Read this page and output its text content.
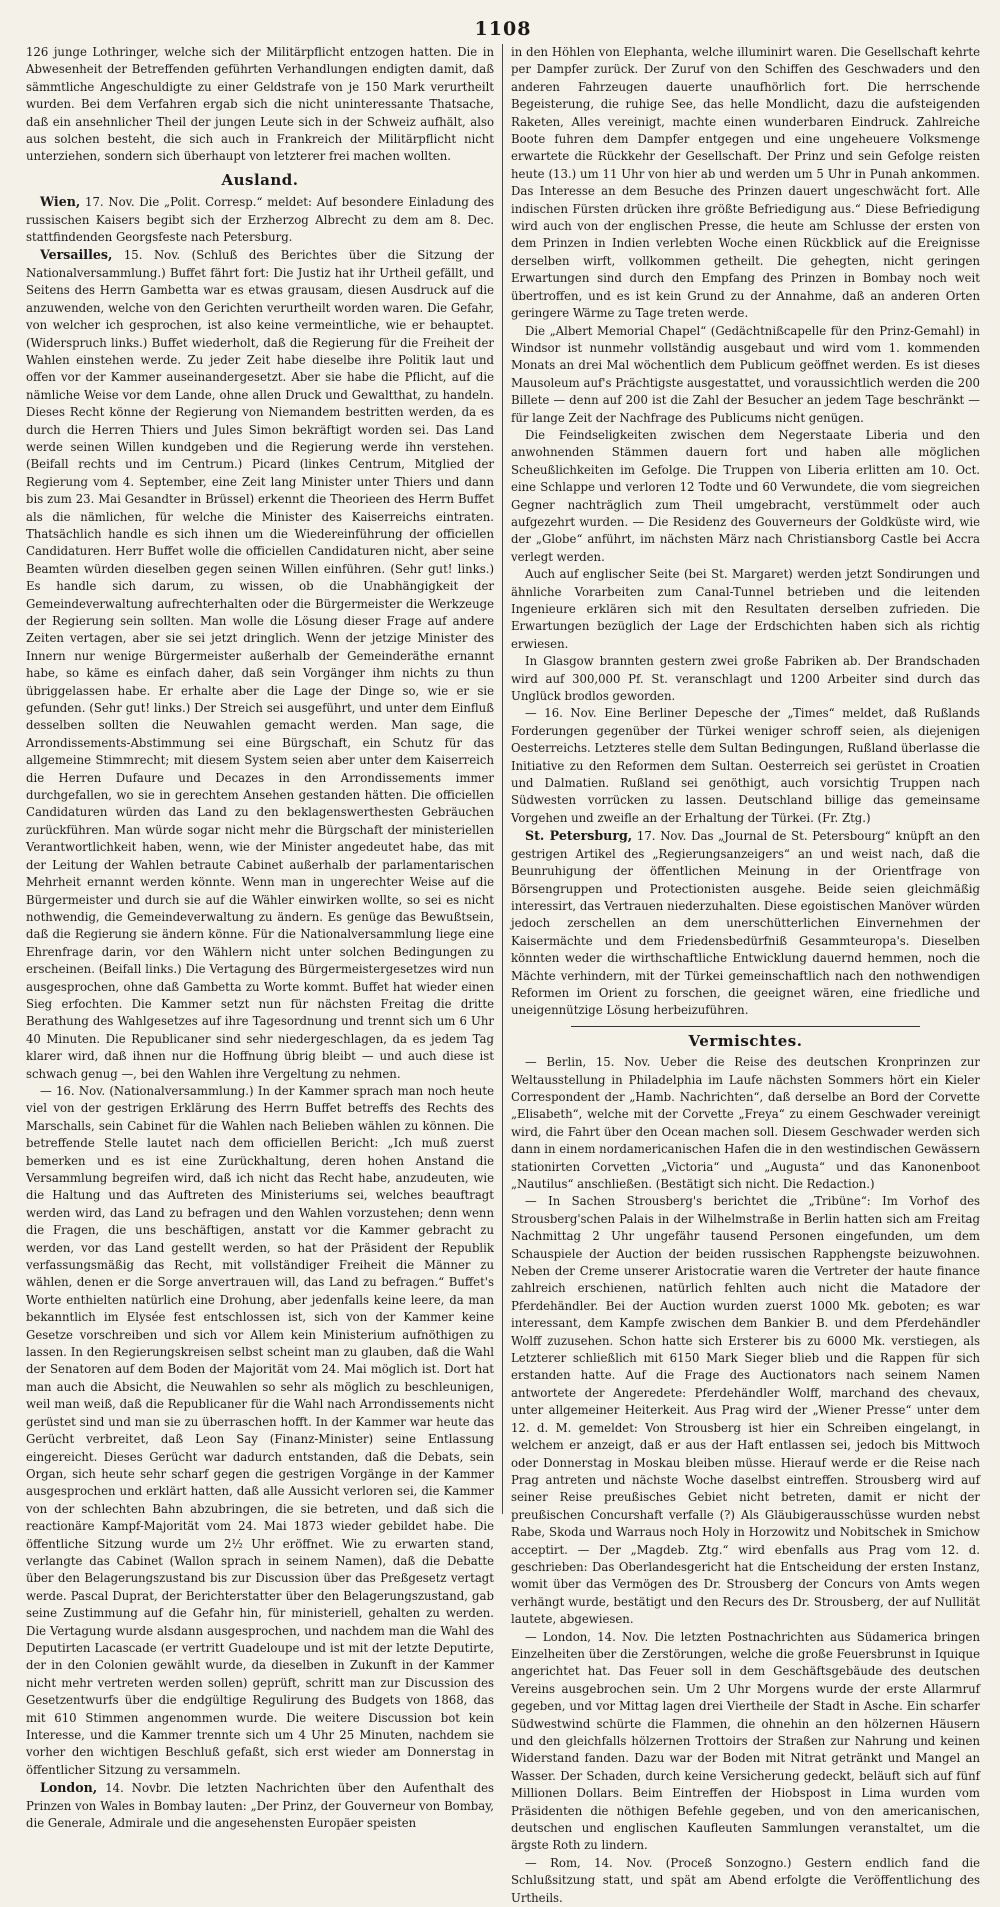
1108

126 junge Lothringer, welche sich der Militärpflicht entzogen hatten. Die in Abwesenheit der Betreffenden geführten Verhandlungen endigten damit, daß sämmtliche Angeschuldigte zu einer Geldstrafe von je 150 Mark verurtheilt wurden. Bei dem Verfahren ergab sich die nicht uninteressante Thatsache, daß ein ansehnlicher Theil der jungen Leute sich in der Schweiz aufhält, also aus solchen besteht, die sich auch in Frankreich der Militärpflicht nicht unterziehen, sondern sich überhaupt von letzterer frei machen wollten.

Ausland.

Wien, 17. Nov. Die „Polit. Corresp.“ meldet: Auf besondere Einladung des russischen Kaisers begibt sich der Erzherzog Albrecht zu dem am 8. Dec. stattfindenden Georgsfeste nach Petersburg.

Versailles, 15. Nov. (Schluß des Berichtes über die Sitzung der Nationalversammlung.) Buffet fährt fort: Die Justiz hat ihr Urtheil gefällt, und Seitens des Herrn Gambetta war es etwas grausam, diesen Ausdruck auf die anzuwenden, welche von den Gerichten verurtheilt worden waren. Die Gefahr, von welcher ich gesprochen, ist also keine vermeintliche, wie er behauptet. (Widerspruch links.) Buffet wiederholt, daß die Regierung für die Freiheit der Wahlen einstehen werde. Zu jeder Zeit habe dieselbe ihre Politik laut und offen vor der Kammer auseinandergesetzt. Aber sie habe die Pflicht, auf die nämliche Weise vor dem Lande, ohne allen Druck und Gewaltthat, zu handeln. Dieses Recht könne der Regierung von Niemandem bestritten werden, da es durch die Herren Thiers und Jules Simon bekräftigt worden sei. Das Land werde seinen Willen kundgeben und die Regierung werde ihn verstehen. (Beifall rechts und im Centrum.) Picard (linkes Centrum, Mitglied der Regierung vom 4. September, eine Zeit lang Minister unter Thiers und dann bis zum 23. Mai Gesandter in Brüssel) erkennt die Theorieen des Herrn Buffet als die nämlichen, für welche die Minister des Kaiserreichs eintraten. Thatsächlich handle es sich ihnen um die Wiedereinführung der officiellen Candidaturen. Herr Buffet wolle die officiellen Candidaturen nicht, aber seine Beamten würden dieselben gegen seinen Willen einführen. (Sehr gut! links.) Es handle sich darum, zu wissen, ob die Unabhängigkeit der Gemeindeverwaltung aufrechterhalten oder die Bürgermeister die Werkzeuge der Regierung sein sollten. Man wolle die Lösung dieser Frage auf andere Zeiten vertagen, aber sie sei jetzt dringlich. Wenn der jetzige Minister des Innern nur wenige Bürgermeister außerhalb der Gemeinderäthe ernannt habe, so käme es einfach daher, daß sein Vorgänger ihm nichts zu thun übriggelassen habe. Er erhalte aber die Lage der Dinge so, wie er sie gefunden. (Sehr gut! links.) Der Streich sei ausgeführt, und unter dem Einfluß desselben sollten die Neuwahlen gemacht werden. Man sage, die Arrondissements-Abstimmung sei eine Bürgschaft, ein Schutz für das allgemeine Stimmrecht; mit diesem System seien aber unter dem Kaiserreich die Herren Dufaure und Decazes in den Arrondissements immer durchgefallen, wo sie in gerechtem Ansehen gestanden hätten. Die officiellen Candidaturen würden das Land zu den beklagenswerthesten Gebräuchen zurückführen. Man würde sogar nicht mehr die Bürgschaft der ministeriellen Verantwortlichkeit haben, wenn, wie der Minister angedeutet habe, das mit der Leitung der Wahlen betraute Cabinet außerhalb der parlamentarischen Mehrheit ernannt werden könnte. Wenn man in ungerechter Weise auf die Bürgermeister und durch sie auf die Wähler einwirken wollte, so sei es nicht nothwendig, die Gemeindeverwaltung zu ändern. Es genüge das Bewußtsein, daß die Regierung sie ändern könne. Für die Nationalversammlung liege eine Ehrenfrage darin, vor den Wählern nicht unter solchen Bedingungen zu erscheinen. (Beifall links.) Die Vertagung des Bürgermeistergesetzes wird nun ausgesprochen, ohne daß Gambetta zu Worte kommt. Buffet hat wieder einen Sieg erfochten. Die Kammer setzt nun für nächsten Freitag die dritte Berathung des Wahlgesetzes auf ihre Tagesordnung und trennt sich um 6 Uhr 40 Minuten. Die Republicaner sind sehr niedergeschlagen, da es jedem Tag klarer wird, daß ihnen nur die Hoffnung übrig bleibt — und auch diese ist schwach genug —, bei den Wahlen ihre Vergeltung zu nehmen.

— 16. Nov. (Nationalversammlung.) In der Kammer sprach man noch heute viel von der gestrigen Erklärung des Herrn Buffet betreffs des Rechts des Marschalls, sein Cabinet für die Wahlen nach Belieben wählen zu können. Die betreffende Stelle lautet nach dem officiellen Bericht: „Ich muß zuerst bemerken und es ist eine Zurückhaltung, deren hohen Anstand die Versammlung begreifen wird, daß ich nicht das Recht habe, anzudeuten, wie die Haltung und das Auftreten des Ministeriums sei, welches beauftragt werden wird, das Land zu befragen und den Wahlen vorzustehen; denn wenn die Fragen, die uns beschäftigen, anstatt vor die Kammer gebracht zu werden, vor das Land gestellt werden, so hat der Präsident der Republik verfassungsmäßig das Recht, mit vollständiger Freiheit die Männer zu wählen, denen er die Sorge anvertrauen will, das Land zu befragen.“ Buffet's Worte enthielten natürlich eine Drohung, aber jedenfalls keine leere, da man bekanntlich im Elysée fest entschlossen ist, sich von der Kammer keine Gesetze vorschreiben und sich vor Allem kein Ministerium aufnöthigen zu lassen. In den Regierungskreisen selbst scheint man zu glauben, daß die Wahl der Senatoren auf dem Boden der Majorität vom 24. Mai möglich ist. Dort hat man auch die Absicht, die Neuwahlen so sehr als möglich zu beschleunigen, weil man weiß, daß die Republicaner für die Wahl nach Arrondissements nicht gerüstet sind und man sie zu überraschen hofft. In der Kammer war heute das Gerücht verbreitet, daß Leon Say (Finanz-Minister) seine Entlassung eingereicht. Dieses Gerücht war dadurch entstanden, daß die Debats, sein Organ, sich heute sehr scharf gegen die gestrigen Vorgänge in der Kammer ausgesprochen und erklärt hatten, daß alle Aussicht verloren sei, die Kammer von der schlechten Bahn abzubringen, die sie betreten, und daß sich die reactionäre Kampf-Majorität vom 24. Mai 1873 wieder gebildet habe. Die öffentliche Sitzung wurde um 2½ Uhr eröffnet. Wie zu erwarten stand, verlangte das Cabinet (Wallon sprach in seinem Namen), daß die Debatte über den Belagerungszustand bis zur Discussion über das Preßgesetz vertagt werde. Pascal Duprat, der Berichterstatter über den Belagerungszustand, gab seine Zustimmung auf die Gefahr hin, für ministeriell, gehalten zu werden. Die Vertagung wurde alsdann ausgesprochen, und nachdem man die Wahl des Deputirten Lacascade (er vertritt Guadeloupe und ist mit der letzte Deputirte, der in den Colonien gewählt wurde, da dieselben in Zukunft in der Kammer nicht mehr vertreten werden sollen) geprüft, schritt man zur Discussion des Gesetzentwurfs über die endgültige Regulirung des Budgets von 1868, das mit 610 Stimmen angenommen wurde. Die weitere Discussion bot kein Interesse, und die Kammer trennte sich um 4 Uhr 25 Minuten, nachdem sie vorher den wichtigen Beschluß gefaßt, sich erst wieder am Donnerstag in öffentlicher Sitzung zu versammeln.

London, 14. Novbr. Die letzten Nachrichten über den Aufenthalt des Prinzen von Wales in Bombay lauten: „Der Prinz, der Gouverneur von Bombay, die Generale, Admirale und die angesehensten Europäer speisten

in den Höhlen von Elephanta, welche illuminirt waren. Die Gesellschaft kehrte per Dampfer zurück. Der Zuruf von den Schiffen des Geschwaders und den anderen Fahrzeugen dauerte unaufhörlich fort. Die herrschende Begeisterung, die ruhige See, das helle Mondlicht, dazu die aufsteigenden Raketen, Alles vereinigt, machte einen wunderbaren Eindruck. Zahlreiche Boote fuhren dem Dampfer entgegen und eine ungeheuere Volksmenge erwartete die Rückkehr der Gesellschaft. Der Prinz und sein Gefolge reisten heute (13.) um 11 Uhr von hier ab und werden um 5 Uhr in Punah ankommen. Das Interesse an dem Besuche des Prinzen dauert ungeschwächt fort. Alle indischen Fürsten drücken ihre größte Befriedigung aus.“ Diese Befriedigung wird auch von der englischen Presse, die heute am Schlusse der ersten von dem Prinzen in Indien verlebten Woche einen Rückblick auf die Ereignisse derselben wirft, vollkommen getheilt. Die gehegten, nicht geringen Erwartungen sind durch den Empfang des Prinzen in Bombay noch weit übertroffen, und es ist kein Grund zu der Annahme, daß an anderen Orten geringere Wärme zu Tage treten werde.

Die „Albert Memorial Chapel“ (Gedächtnißcapelle für den Prinz-Gemahl) in Windsor ist nunmehr vollständig ausgebaut und wird vom 1. kommenden Monats an drei Mal wöchentlich dem Publicum geöffnet werden. Es ist dieses Mausoleum auf's Prächtigste ausgestattet, und voraussichtlich werden die 200 Billete — denn auf 200 ist die Zahl der Besucher an jedem Tage beschränkt — für lange Zeit der Nachfrage des Publicums nicht genügen.

Die Feindseligkeiten zwischen dem Negerstaate Liberia und den anwohnenden Stämmen dauern fort und haben alle möglichen Scheußlichkeiten im Gefolge. Die Truppen von Liberia erlitten am 10. Oct. eine Schlappe und verloren 12 Todte und 60 Verwundete, die vom siegreichen Gegner nachträglich zum Theil umgebracht, verstümmelt oder auch aufgezehrt wurden. — Die Residenz des Gouverneurs der Goldküste wird, wie der „Globe“ anführt, im nächsten März nach Christiansborg Castle bei Accra verlegt werden.

Auch auf englischer Seite (bei St. Margaret) werden jetzt Sondirungen und ähnliche Vorarbeiten zum Canal-Tunnel betrieben und die leitenden Ingenieure erklären sich mit den Resultaten derselben zufrieden. Die Erwartungen bezüglich der Lage der Erdschichten haben sich als richtig erwiesen.

In Glasgow brannten gestern zwei große Fabriken ab. Der Brandschaden wird auf 300,000 Pf. St. veranschlagt und 1200 Arbeiter sind durch das Unglück brodlos geworden.

— 16. Nov. Eine Berliner Depesche der „Times“ meldet, daß Rußlands Forderungen gegenüber der Türkei weniger schroff seien, als diejenigen Oesterreichs. Letzteres stelle dem Sultan Bedingungen, Rußland überlasse die Initiative zu den Reformen dem Sultan. Oesterreich sei gerüstet in Croatien und Dalmatien. Rußland sei genöthigt, auch vorsichtig Truppen nach Südwesten vorrücken zu lassen. Deutschland billige das gemeinsame Vorgehen und zweifle an der Erhaltung der Türkei. (Fr. Ztg.)

St. Petersburg, 17. Nov. Das „Journal de St. Petersbourg“ knüpft an den gestrigen Artikel des „Regierungsanzeigers“ an und weist nach, daß die Beunruhigung der öffentlichen Meinung in der Orientfrage von Börsengruppen und Protectionisten ausgehe. Beide seien gleichmäßig interessirt, das Vertrauen niederzuhalten. Diese egoistischen Manöver würden jedoch zerschellen an dem unerschütterlichen Einvernehmen der Kaisermächte und dem Friedensbedürfniß Gesammteuropa's. Dieselben könnten weder die wirthschaftliche Entwicklung dauernd hemmen, noch die Mächte verhindern, mit der Türkei gemeinschaftlich nach den nothwendigen Reformen im Orient zu forschen, die geeignet wären, eine friedliche und uneigennützige Lösung herbeizuführen.

Vermischtes.

— Berlin, 15. Nov. Ueber die Reise des deutschen Kronprinzen zur Weltausstellung in Philadelphia im Laufe nächsten Sommers hört ein Kieler Correspondent der „Hamb. Nachrichten“, daß derselbe an Bord der Corvette „Elisabeth“, welche mit der Corvette „Freya“ zu einem Geschwader vereinigt wird, die Fahrt über den Ocean machen soll. Diesem Geschwader werden sich dann in einem nordamericanischen Hafen die in den westindischen Gewässern stationirten Corvetten „Victoria“ und „Augusta“ und das Kanonenboot „Nautilus“ anschließen. (Bestätigt sich nicht. Die Redaction.)

— In Sachen Strousberg's berichtet die „Tribüne“: Im Vorhof des Strousberg'schen Palais in der Wilhelmstraße in Berlin hatten sich am Freitag Nachmittag 2 Uhr ungefähr tausend Personen eingefunden, um dem Schauspiele der Auction der beiden russischen Rapphengste beizuwohnen. Neben der Creme unserer Aristocratie waren die Vertreter der haute finance zahlreich erschienen, natürlich fehlten auch nicht die Matadore der Pferdehändler. Bei der Auction wurden zuerst 1000 Mk. geboten; es war interessant, dem Kampfe zwischen dem Bankier B. und dem Pferdehändler Wolff zuzusehen. Schon hatte sich Ersterer bis zu 6000 Mk. verstiegen, als Letzterer schließlich mit 6150 Mark Sieger blieb und die Rappen für sich erstanden hatte. Auf die Frage des Auctionators nach seinem Namen antwortete der Angeredete: Pferdehändler Wolff, marchand des chevaux, unter allgemeiner Heiterkeit. Aus Prag wird der „Wiener Presse“ unter dem 12. d. M. gemeldet: Von Strousberg ist hier ein Schreiben eingelangt, in welchem er anzeigt, daß er aus der Haft entlassen sei, jedoch bis Mittwoch oder Donnerstag in Moskau bleiben müsse. Hierauf werde er die Reise nach Prag antreten und nächste Woche daselbst eintreffen. Strousberg wird auf seiner Reise preußisches Gebiet nicht betreten, damit er nicht der preußischen Concurshaft verfalle (?) Als Gläubigerausschüsse wurden nebst Rabe, Skoda und Warraus noch Holy in Horzowitz und Nobitschek in Smichow acceptirt. — Der „Magdeb. Ztg.“ wird ebenfalls aus Prag vom 12. d. geschrieben: Das Oberlandesgericht hat die Entscheidung der ersten Instanz, womit über das Vermögen des Dr. Strousberg der Concurs von Amts wegen verhängt wurde, bestätigt und den Recurs des Dr. Strousberg, der auf Nullität lautete, abgewiesen.

— London, 14. Nov. Die letzten Postnachrichten aus Südamerica bringen Einzelheiten über die Zerstörungen, welche die große Feuersbrunst in Iquique angerichtet hat. Das Feuer soll in dem Geschäftsgebäude des deutschen Vereins ausgebrochen sein. Um 2 Uhr Morgens wurde der erste Allarmruf gegeben, und vor Mittag lagen drei Viertheile der Stadt in Asche. Ein scharfer Südwestwind schürte die Flammen, die ohnehin an den hölzernen Häusern und den gleichfalls hölzernen Trottoirs der Straßen zur Nahrung und keinen Widerstand fanden. Dazu war der Boden mit Nitrat getränkt und Mangel an Wasser. Der Schaden, durch keine Versicherung gedeckt, beläuft sich auf fünf Millionen Dollars. Beim Eintreffen der Hiobspost in Lima wurden vom Präsidenten die nöthigen Befehle gegeben, und von den americanischen, deutschen und englischen Kaufleuten Sammlungen veranstaltet, um die ärgste Roth zu lindern.

— Rom, 14. Nov. (Proceß Sonzogno.) Gestern endlich fand die Schlußsitzung statt, und spät am Abend erfolgte die Veröffentlichung des Urtheils.
